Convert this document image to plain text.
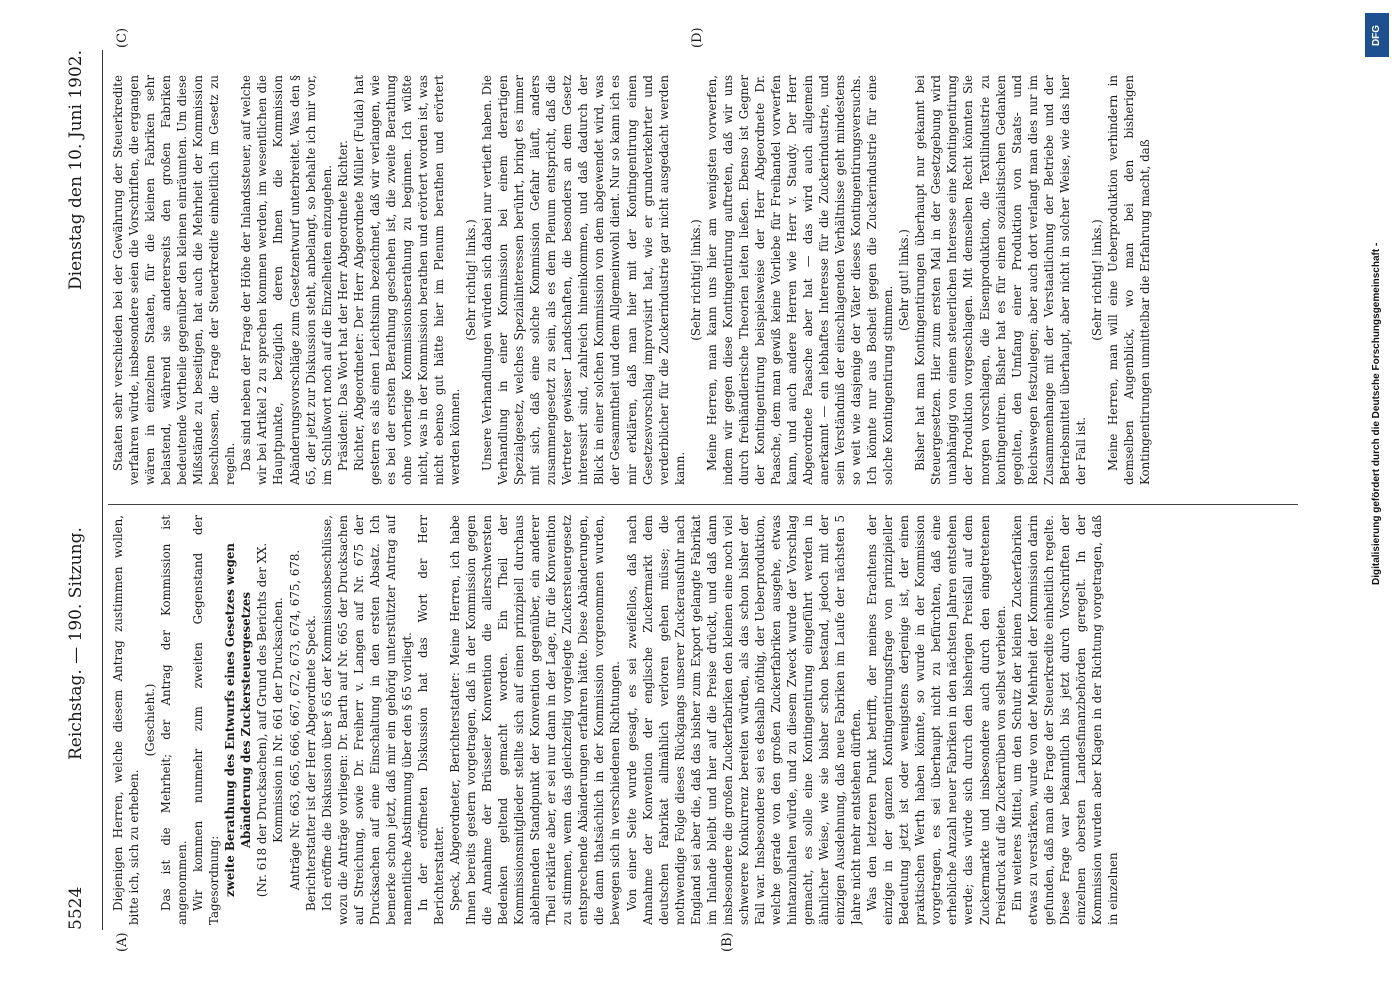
5524
Reichstag. — 190. Sitzung.
Dienstag den 10. Juni 1902.
(A)	(B)
(C)	(D)

Diejenigen Herren, welche diesem Antrag zustimmen wollen, bitte ich, sich zu erheben.

(Geschieht.) Das ist die Mehrheit; der Antrag der Kommission ist angenommen. Wir kommen nunmehr zum zweiten Gegenstand der Tagesordnung: zweite Berathung des Entwurfs eines Gesetzes wegen Abänderung des Zuckersteuergesetzes (Nr. 618 der Drucksachen), auf Grund des Berichts der XX. Kommission in Nr. 661 der Drucksachen. Anträge Nr. 663, 665, 666, 667, 672, 673, 674, 675, 678. Berichterstatter ist der Herr Abgeordnete Speck. Ich eröffne die Diskussion über § 65 der Kommissionsbeschlüsse, wozu die Anträge vorliegen: Dr. Barth auf Nr. 665 der Drucksachen auf Streichung, sowie Dr. Freiherr v. Langen auf Nr. 675 der Drucksachen auf eine Einschaltung in den ersten Absatz. Ich bemerke schon jetzt, daß mir ein gehörig unterstützter Antrag auf namentliche Abstimmung über den § 65 vorliegt. In der eröffneten Diskussion hat das Wort der Herr Berichterstatter. Speck, Abgeordneter, Berichterstatter: Meine Herren, ich habe Ihnen bereits gestern vorgetragen, daß in der Kommission gegen die Annahme der Brüsseler Konvention die allerschwersten Bedenken geltend gemacht worden. Ein Theil der Kommissionsmitglieder stellte sich auf einen prinzipiell durchaus ablehnenden Standpunkt der Konvention gegenüber, ein anderer Theil erklärte aber, er sei nur dann in der Lage, für die Konvention zu stimmen, wenn das gleichzeitig vorgelegte Zuckersteuergesetz entsprechende Abänderungen erfahren hätte. Diese Abänderungen, die dann thatsächlich in der Kommission vorgenommen wurden, bewegen sich in verschiedenen Richtungen. Von einer Seite wurde gesagt, es sei zweifellos, daß nach Annahme der Konvention der englische Zuckermarkt dem deutschen Fabrikat allmählich verloren gehen müsse; die nothwendige Folge dieses Rückgangs unserer Zuckerausfuhr nach England sei aber die, daß das bisher zum Export gelangte Fabrikat im Inlande bleibt und hier auf die Preise drückt, und daß dann insbesondere die großen Zuckerfabriken den kleinen eine noch viel schwerere Konkurrenz bereiten würden, als das schon bisher der Fall war. Insbesondere sei es deshalb nöthig, der Ueberproduktion, welche gerade von den großen Zuckerfabriken ausgehe, etwas hintanzuhalten würde, und zu diesem Zweck wurde der Vorschlag gemacht, es solle eine Kontingentirung eingeführt werden in ähnlicher Weise, wie sie bisher schon bestand, jedoch mit der einzigen Ausdehnung, daß neue Fabriken im Laufe der nächsten 5 Jahre nicht mehr entstehen dürften. Was den letzteren Punkt betrifft, der meines Erachtens der einzige in der ganzen Kontingentirungsfrage von prinzipieller Bedeutung jetzt ist oder wenigstens derjenige ist, der einen praktischen Werth haben könnte, so wurde in der Kommission vorgetragen, es sei überhaupt nicht zu befürchten, daß eine erhebliche Anzahl neuer Fabriken in den nächsten Jahren entstehen werde; das würde sich durch den bisherigen Preisfall auf dem Zuckermarkte und insbesondere auch durch den eingetretenen Preisdruck auf die Zuckerrüben von selbst verbieten. Ein weiteres Mittel, um den Schutz der kleinen Zuckerfabriken etwas zu verstärken, wurde von der Mehrheit der Kommission darin gefunden, daß man die Frage der Steuerkredite einheitlich regelte. Diese Frage war bekanntlich bis jetzt durch Vorschriften der einzelnen obersten Landesfinanzbehörden geregelt. In der Kommission wurden aber Klagen in der Richtung vorgetragen, daß in einzelnen

Staaten sehr verschieden bei der Gewährung der Steuerkredite verfahren würde, insbesondere seien die Vorschriften, die ergangen wären in einzelnen Staaten, für die kleinen Fabriken sehr belastend, während sie andererseits den großen Fabriken bedeutende Vortheile gegenüber den kleinen einräumten. Um diese Mißstände zu beseitigen, hat auch die Mehrheit der Kommission beschlossen, die Frage der Steuerkredite einheitlich im Gesetz zu regeln. Das sind neben der Frage der Höhe der Inlandssteuer, auf welche wir bei Artikel 2 zu sprechen kommen werden, im wesentlichen die Hauptpunkte, bezüglich deren Ihnen die Kommission Abänderungsvorschläge zum Gesetzentwurf unterbreitet. Was den § 65, der jetzt zur Diskussion steht, anbelangt, so behalte ich mir vor, im Schlußwort noch auf die Einzelheiten einzugehen. Präsident: Das Wort hat der Herr Abgeordnete Richter. Richter, Abgeordneter: Der Herr Abgeordnete Müller (Fulda) hat gestern es als einen Leichtsinn bezeichnet, daß wir verlangen, wie es bei der ersten Berathung geschehen ist, die zweite Berathung ohne vorherige Kommissionsberathung zu beginnen. Ich wüßte nicht, was in der Kommission berathen und erörtert worden ist, was nicht ebenso gut hätte hier im Plenum berathen und erörtert werden können.

(Sehr richtig! links.) Unsere Verhandlungen würden sich dabei nur vertieft haben. Die Verhandlung in einer Kommission bei einem derartigen Spezialgesetz, welches Spezialinteressen berührt, bringt es immer mit sich, daß eine solche Kommission Gefahr läuft, anders zusammengesetzt zu sein, als es dem Plenum entspricht, daß die Vertreter gewisser Landschaften, die besonders an dem Gesetz interessirt sind, zahlreich hineinkommen, und daß dadurch der Blick in einer solchen Kommission von dem abgewendet wird, was der Gesammtheit und dem Allgemeinwohl dient. Nur so kann ich es mir erklären, daß man hier mit der Kontingentirung einen Gesetzesvorschlag improvisirt hat, wie er grundverkehrter und verderblicher für die Zuckerindustrie gar nicht ausgedacht werden kann.

(Sehr richtig! links.) Meine Herren, man kann uns hier am wenigsten vorwerfen, indem wir gegen diese Kontingentirung auftreten, daß wir uns durch freihändlerische Theorien leiten ließen. Ebenso ist Gegner der Kontingentirung beispielsweise der Herr Abgeordnete Dr. Paasche, dem man gewiß keine Vorliebe für Freihandel vorwerfen kann, und auch andere Herren wie Herr v. Staudy. Der Herr Abgeordnete Paasche aber hat — das wird auch allgemein anerkannt — ein lebhaftes Interesse für die Zuckerindustrie, und sein Verständniß der einschlagenden Verhältnisse geht mindestens so weit wie dasjenige der Väter dieses Kontingentirungsversuchs. Ich könnte nur aus Bosheit gegen die Zuckerindustrie für eine solche Kontingentirung stimmen.

(Sehr gut! links.) Bisher hat man Kontingentirungen überhaupt nur gekannt bei Steuergesetzen. Hier zum ersten Mal in der Gesetzgebung wird unabhängig von einem steuerlichen Interesse eine Kontingentirung der Produktion vorgeschlagen. Mit demselben Recht könnten Sie morgen vorschlagen, die Eisenproduktion, die Textilindustrie zu kontingentiren. Bisher hat es für einen sozialistischen Gedanken gegolten, den Umfang einer Produktion von Staats- und Reichswegen festzulegen; aber auch dort verlangt man dies nur im Zusammenhange mit der Verstaatlichung der Betriebe und der Betriebsmittel überhaupt, aber nicht in solcher Weise, wie das hier der Fall ist.

(Sehr richtig! links.) Meine Herren, man will eine Ueberproduktion verhindern in demselben Augenblick, wo man bei den bisherigen Kontingentirungen unmittelbar die Erfahrung macht, daß

DFG
Digitalisierung gefördert durch die Deutsche Forschungsgemeinschaft -
